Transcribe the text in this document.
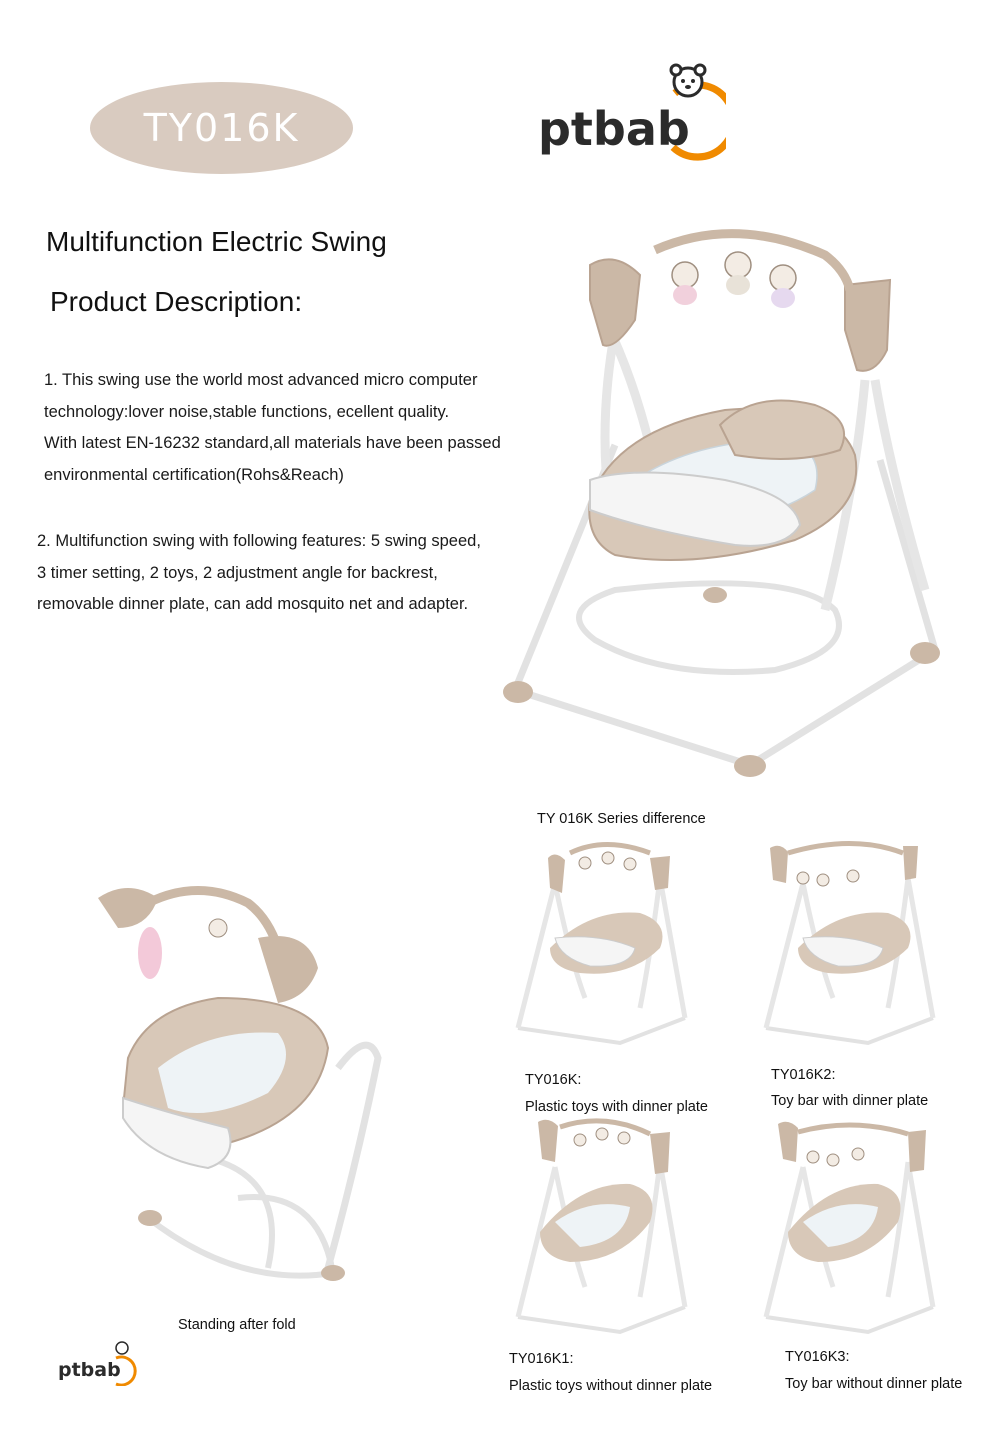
TY016K	ptbab
Multifunction Electric Swing
Product Description:
1. This swing use the world most advanced micro computer
technology:lover noise,stable functions, ecellent quality.
With latest EN-16232 standard,all materials have been passed
environmental certification(Rohs&Reach)
2. Multifunction swing with following features: 5 swing speed,
3 timer setting, 2 toys, 2 adjustment angle for backrest,
removable dinner plate, can add mosquito net and adapter.
TY 016K Series difference
TY016K:
Plastic toys with dinner plate
TY016K2:
Toy bar with dinner plate
TY016K1:
Plastic toys without dinner plate
TY016K3:
Toy bar without dinner plate
Standing after fold
ptbab
